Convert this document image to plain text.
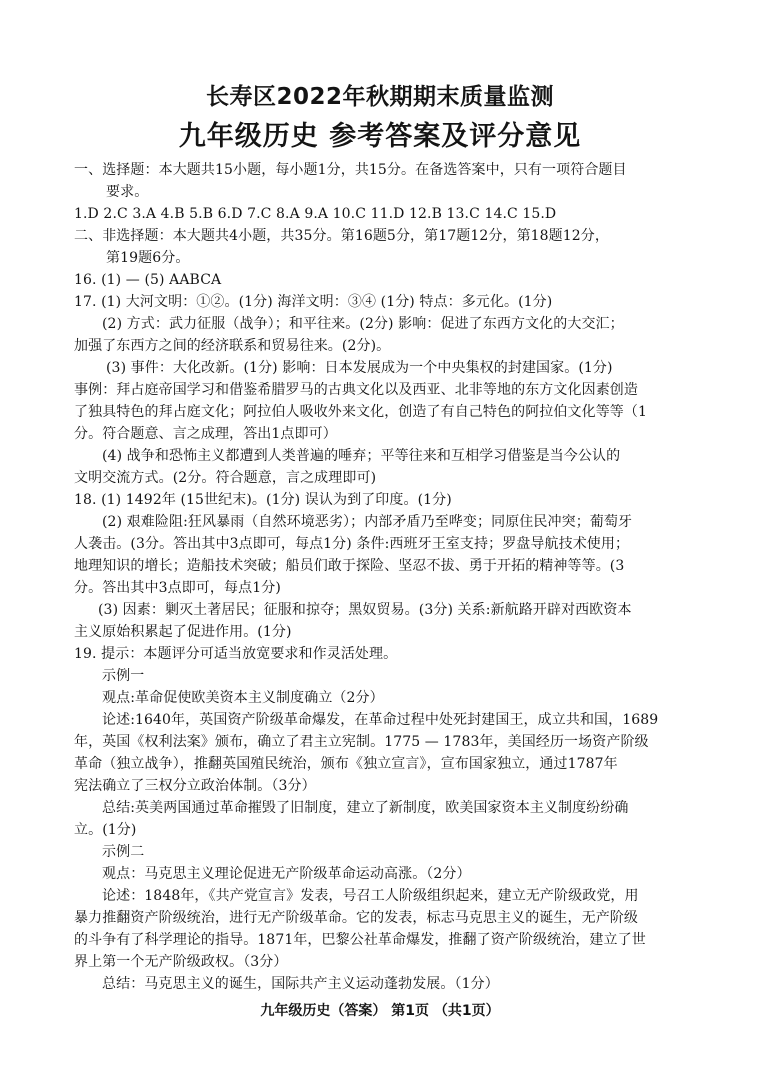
长寿区2022年秋期期末质量监测
九年级历史 参考答案及评分意见
一、选择题：本大题共15小题，每小题1分，共15分。在备选答案中，只有一项符合题目
要求。
1.D 2.C 3.A 4.B 5.B 6.D 7.C 8.A 9.A 10.C 11.D 12.B 13.C 14.C 15.D
二、非选择题：本大题共4小题，共35分。第16题5分，第17题12分，第18题12分，
第19题6分。
16. (1) — (5) AABCA
17. (1) 大河文明：①②。(1分) 海洋文明：③④ (1分) 特点：多元化。(1分)
(2) 方式：武力征服（战争）；和平往来。(2分) 影响：促进了东西方文化的大交汇；
加强了东西方之间的经济联系和贸易往来。(2分)。
(3) 事件：大化改新。(1分) 影响：日本发展成为一个中央集权的封建国家。(1分)
事例：拜占庭帝国学习和借鉴希腊罗马的古典文化以及西亚、北非等地的东方文化因素创造
了独具特色的拜占庭文化；阿拉伯人吸收外来文化，创造了有自己特色的阿拉伯文化等等（1
分。符合题意、言之成理，答出1点即可）
(4) 战争和恐怖主义都遭到人类普遍的唾弃；平等往来和互相学习借鉴是当今公认的
文明交流方式。(2分。符合题意，言之成理即可)
18. (1) 1492年 (15世纪末)。(1分) 误认为到了印度。(1分)
(2) 艰难险阻:狂风暴雨（自然环境恶劣）；内部矛盾乃至哗变；同原住民冲突；葡萄牙
人袭击。(3分。答出其中3点即可，每点1分) 条件:西班牙王室支持；罗盘导航技术使用；
地理知识的增长；造船技术突破；船员们敢于探险、坚忍不拔、勇于开拓的精神等等。(3
分。答出其中3点即可，每点1分)
(3) 因素：剿灭土著居民；征服和掠夺；黑奴贸易。(3分) 关系:新航路开辟对西欧资本
主义原始积累起了促进作用。(1分)
19. 提示：本题评分可适当放宽要求和作灵活处理。
示例一
观点:革命促使欧美资本主义制度确立（2分）
论述:1640年，英国资产阶级革命爆发，在革命过程中处死封建国王，成立共和国，1689
年，英国《权利法案》颁布，确立了君主立宪制。1775 — 1783年，美国经历一场资产阶级
革命（独立战争），推翻英国殖民统治，颁布《独立宣言》，宣布国家独立，通过1787年
宪法确立了三权分立政治体制。（3分）
总结:英美两国通过革命摧毁了旧制度，建立了新制度，欧美国家资本主义制度纷纷确
立。(1分)
示例二
观点：马克思主义理论促进无产阶级革命运动高涨。（2分）
论述：1848年，《共产党宣言》发表，号召工人阶级组织起来，建立无产阶级政党，用
暴力推翻资产阶级统治，进行无产阶级革命。它的发表，标志马克思主义的诞生，无产阶级
的斗争有了科学理论的指导。1871年，巴黎公社革命爆发，推翻了资产阶级统治，建立了世
界上第一个无产阶级政权。（3分）
总结：马克思主义的诞生，国际共产主义运动蓬勃发展。（1分）
九年级历史（答案） 第1页 （共1页）
